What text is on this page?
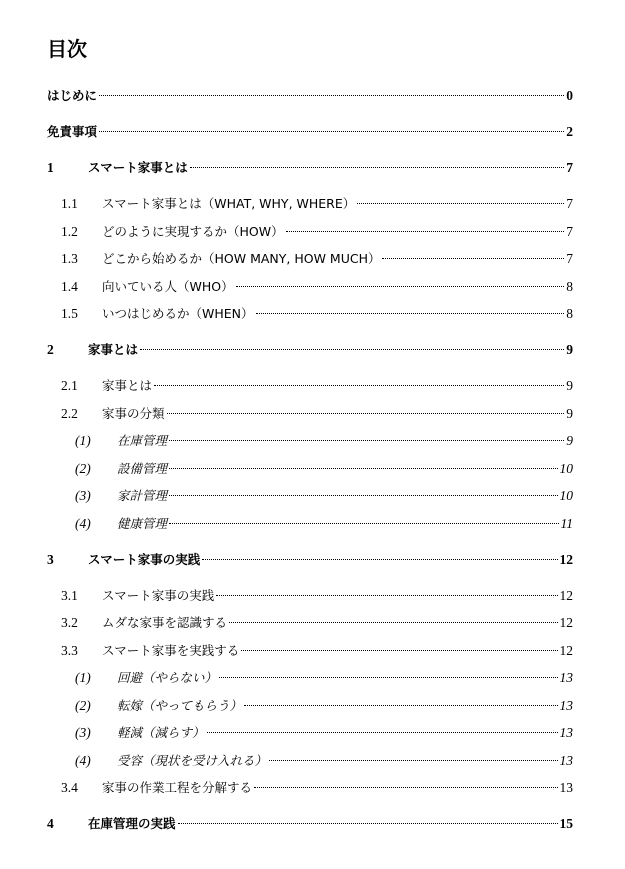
目次
はじめに	0
免責事項	2
1	スマート家事とは	7
1.1	スマート家事とは（WHAT, WHY, WHERE）	7
1.2	どのように実現するか（HOW）	7
1.3	どこから始めるか（HOW MANY, HOW MUCH）	7
1.4	向いている人（WHO）	8
1.5	いつはじめるか（WHEN）	8
2	家事とは	9
2.1	家事とは	9
2.2	家事の分類	9
(1)	在庫管理	9
(2)	設備管理	10
(3)	家計管理	10
(4)	健康管理	11
3	スマート家事の実践	12
3.1	スマート家事の実践	12
3.2	ムダな家事を認識する	12
3.3	スマート家事を実践する	12
(1)	回避（やらない）	13
(2)	転嫁（やってもらう）	13
(3)	軽減（減らす）	13
(4)	受容（現状を受け入れる）	13
3.4	家事の作業工程を分解する	13
4	在庫管理の実践	15
